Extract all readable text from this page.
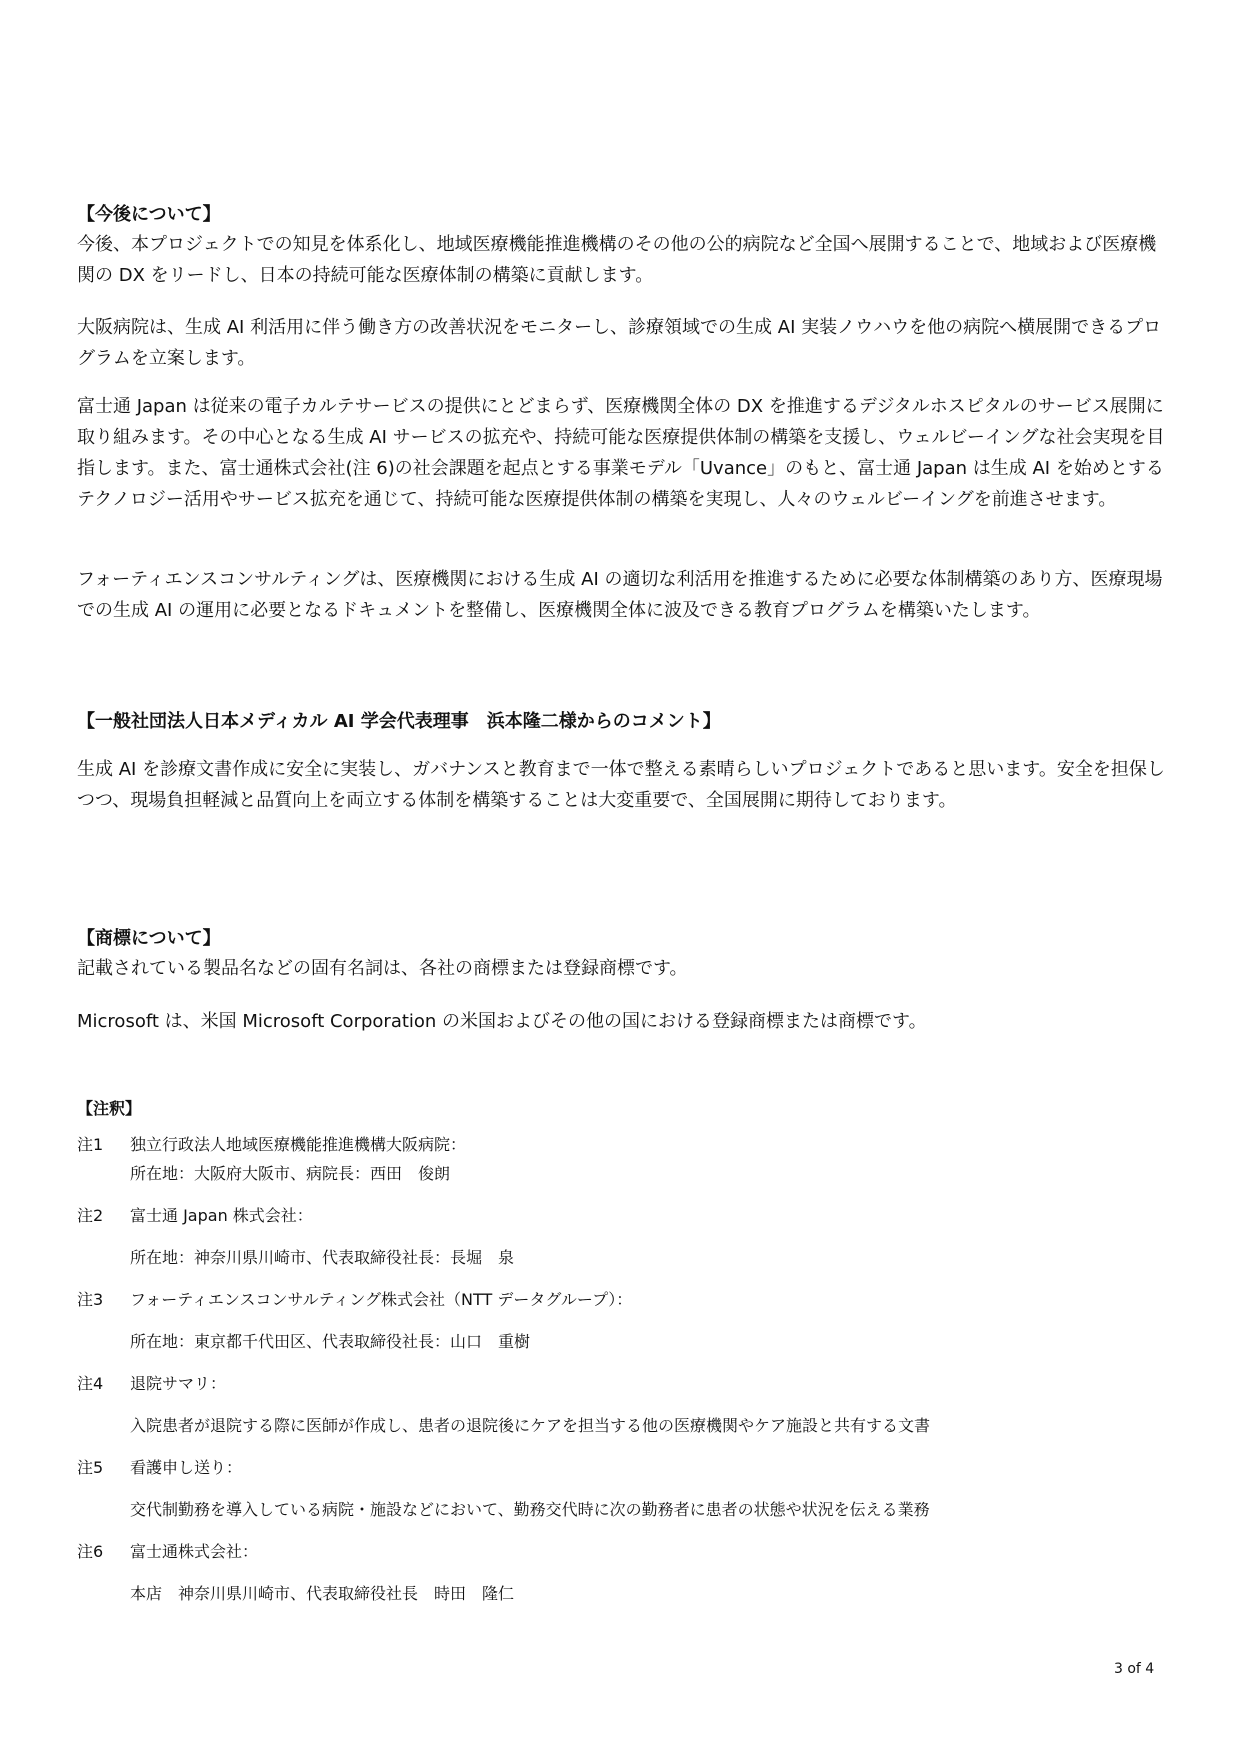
【今後について】

今後、本プロジェクトでの知見を体系化し、地域医療機能推進機構のその他の公的病院など全国へ展開することで、地域および医療機関の DX をリードし、日本の持続可能な医療体制の構築に貢献します。

大阪病院は、生成 AI 利活用に伴う働き方の改善状況をモニターし、診療領域での生成 AI 実装ノウハウを他の病院へ横展開できるプログラムを立案します。

富士通 Japan は従来の電子カルテサービスの提供にとどまらず、医療機関全体の DX を推進するデジタルホスピタルのサービス展開に取り組みます。その中心となる生成 AI サービスの拡充や、持続可能な医療提供体制の構築を支援し、ウェルビーイングな社会実現を目指します。また、富士通株式会社(注 6)の社会課題を起点とする事業モデル「Uvance」のもと、富士通 Japan は生成 AI を始めとするテクノロジー活用やサービス拡充を通じて、持続可能な医療提供体制の構築を実現し、人々のウェルビーイングを前進させます。

フォーティエンスコンサルティングは、医療機関における生成 AI の適切な利活用を推進するために必要な体制構築のあり方、医療現場での生成 AI の運用に必要となるドキュメントを整備し、医療機関全体に波及できる教育プログラムを構築いたします。

【一般社団法人日本メディカル AI 学会代表理事　浜本隆二様からのコメント】

生成 AI を診療文書作成に安全に実装し、ガバナンスと教育まで一体で整える素晴らしいプロジェクトであると思います。安全を担保しつつ、現場負担軽減と品質向上を両立する体制を構築することは大変重要で、全国展開に期待しております。

【商標について】

記載されている製品名などの固有名詞は、各社の商標または登録商標です。

Microsoft は、米国 Microsoft Corporation の米国およびその他の国における登録商標または商標です。

【注釈】

注1 独立行政法人地域医療機能推進機構大阪病院：
所在地：大阪府大阪市、病院長：西田　俊朗
注2 富士通 Japan 株式会社：
所在地：神奈川県川崎市、代表取締役社長：長堀　泉
注3 フォーティエンスコンサルティング株式会社（NTT データグループ）：
所在地：東京都千代田区、代表取締役社長：山口　重樹
注4 退院サマリ：
入院患者が退院する際に医師が作成し、患者の退院後にケアを担当する他の医療機関やケア施設と共有する文書
注5 看護申し送り：
交代制勤務を導入している病院・施設などにおいて、勤務交代時に次の勤務者に患者の状態や状況を伝える業務
注6 富士通株式会社：
本店　神奈川県川崎市、代表取締役社長　時田　隆仁
3 of 4
